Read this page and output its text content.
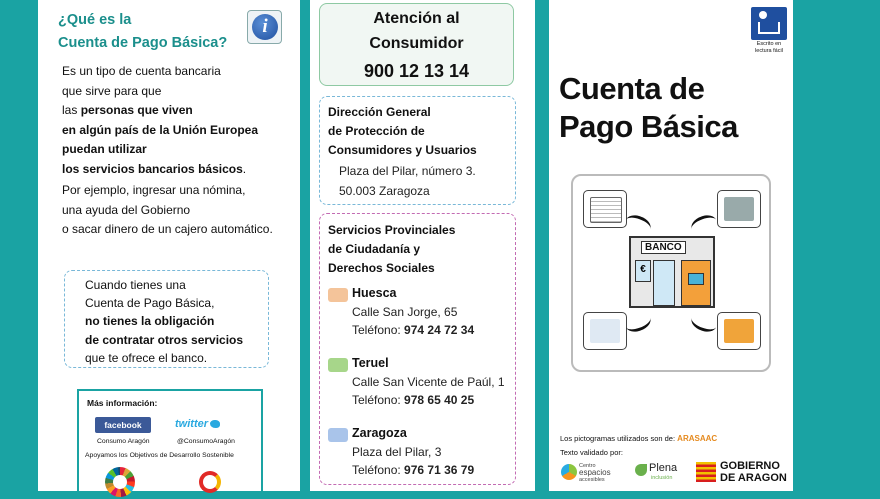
¿Qué es la
Cuenta de Pago Básica?
i
Es un tipo de cuenta bancaria
que sirve para que
las personas que viven
en algún país de la Unión Europea
puedan utilizar
los servicios bancarios básicos.
Por ejemplo, ingresar una nómina,
una ayuda del Gobierno
o sacar dinero de un cajero automático.
Cuando tienes una
Cuenta de Pago Básica,
no tienes la obligación
de contratar otros servicios
que te ofrece el banco.
Más información:
facebook	twitter
Consumo Aragón	@ConsumoAragón
Apoyamos los Objetivos de Desarrollo Sostenible
Atención al
Consumidor
900 12 13 14
Dirección General
de Protección de
Consumidores y Usuarios
Plaza del Pilar, número 3.
50.003 Zaragoza
Servicios Provinciales
de Ciudadanía y
Derechos Sociales
Huesca
Calle San Jorge, 65
Teléfono: 974 24 72 34
Teruel
Calle San Vicente de Paúl, 1
Teléfono: 978 65 40 25
Zaragoza
Plaza del Pilar, 3
Teléfono: 976 71 36 79
Escrito en lectura fácil
Cuenta de
Pago Básica
BANCO
€
Los pictogramas utilizados son de: ARASAAC
Texto validado por:
Centro
espacios
accesibles
Plena
inclusión
GOBIERNO
DE ARAGON
